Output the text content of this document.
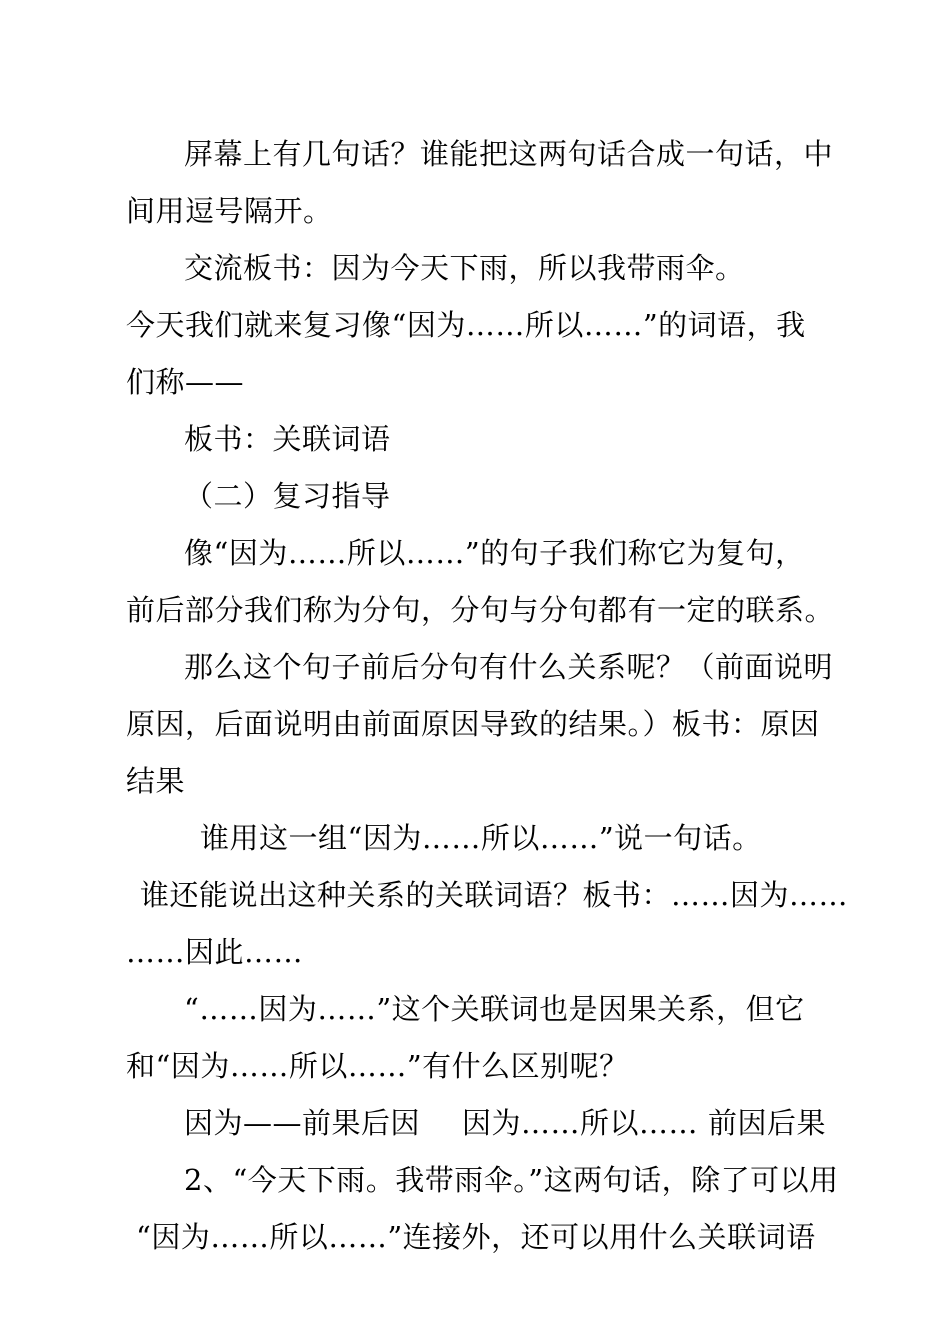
屏幕上有几句话？谁能把这两句话合成一句话，中
间用逗号隔开。
交流板书：因为今天下雨，所以我带雨伞。
今天我们就来复习像“因为……所以……”的词语，我
们称——
板书：关联词语
（二）复习指导
像“因为……所以……”的句子我们称它为复句，
前后部分我们称为分句，分句与分句都有一定的联系。
那么这个句子前后分句有什么关系呢？（前面说明
原因，后面说明由前面原因导致的结果。）板书：原因
结果
谁用这一组“因为……所以……”说一句话。
谁还能说出这种关系的关联词语？板书：……因为……
……因此……
“……因为……”这个关联词也是因果关系，但它
和“因为……所以……”有什么区别呢？
因为——前果后因 因为……所以…… 前因后果
2、“今天下雨。我带雨伞。”这两句话，除了可以用
“因为……所以……”连接外，还可以用什么关联词语
